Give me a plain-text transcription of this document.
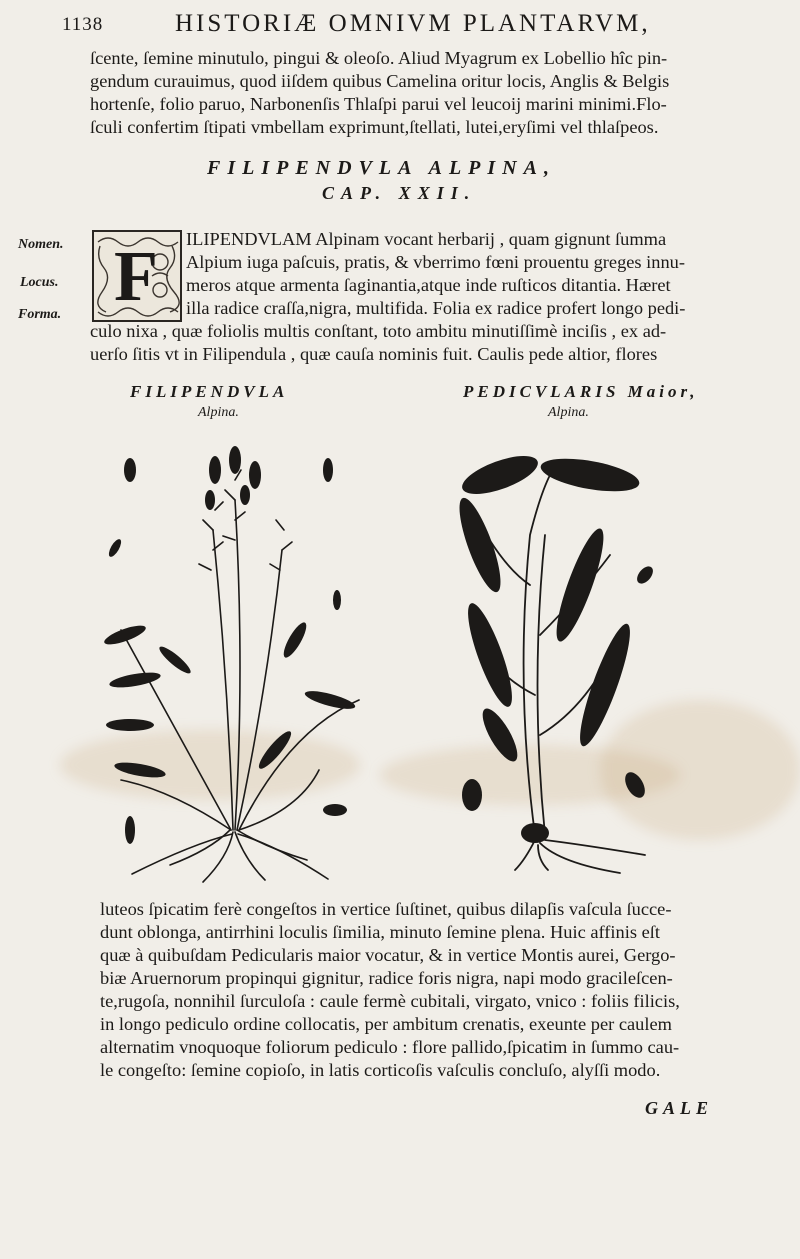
1138	HISTORIÆ OMNIVM PLANTARVM,
ſcente, ſemine minutulo, pingui & oleoſo. Aliud Myagrum ex Lobellio hîc pin-
gendum curauimus, quod iiſdem quibus Camelina oritur locis, Anglis & Belgis
hortenſe, folio paruo, Narbonenſis Thlaſpi parui vel leucoij marini minimi.Flo-
ſculi confertim ſtipati vmbellam exprimunt,ſtellati, lutei,eryſimi vel thlaſpeos.
FILIPENDVLA ALPINA,
CAP. XXII.
Nomen.
Locus.
Forma. F ILIPENDVLAM Alpinam vocant herbarij , quam gignunt ſumma
Alpium iuga paſcuis, pratis, & vberrimo fœni prouentu greges innu-
meros atque armenta ſaginantia,atque inde ruſticos ditantia. Hæret
illa radice craſſa,nigra, multifida. Folia ex radice profert longo pedi-
culo nixa , quæ foliolis multis conſtant, toto ambitu minutiſſimè inciſis , ex ad-
uerſo ſitis vt in Filipendula , quæ cauſa nominis fuit. Caulis pede altior, flores
FILIPENDVLA
Alpina.
PEDICVLARIS Maior,
Alpina.
luteos ſpicatim ferè congeſtos in vertice ſuſtinet, quibus dilapſis vaſcula ſucce-
dunt oblonga, antirrhini loculis ſimilia, minuto ſemine plena. Huic affinis eſt
quæ à quibuſdam Pedicularis maior vocatur, & in vertice Montis aurei, Gergo-
biæ Aruernorum propinqui gignitur, radice foris nigra, napi modo gracileſcen-
te,rugoſa, nonnihil ſurculoſa : caule fermè cubitali, virgato, vnico : foliis filicis,
in longo pediculo ordine collocatis, per ambitum crenatis, exeunte per caulem
alternatim vnoquoque foliorum pediculo : flore pallido,ſpicatim in ſummo cau-
le congeſto: ſemine copioſo, in latis corticoſis vaſculis concluſo, alyſſi modo.
GALE
